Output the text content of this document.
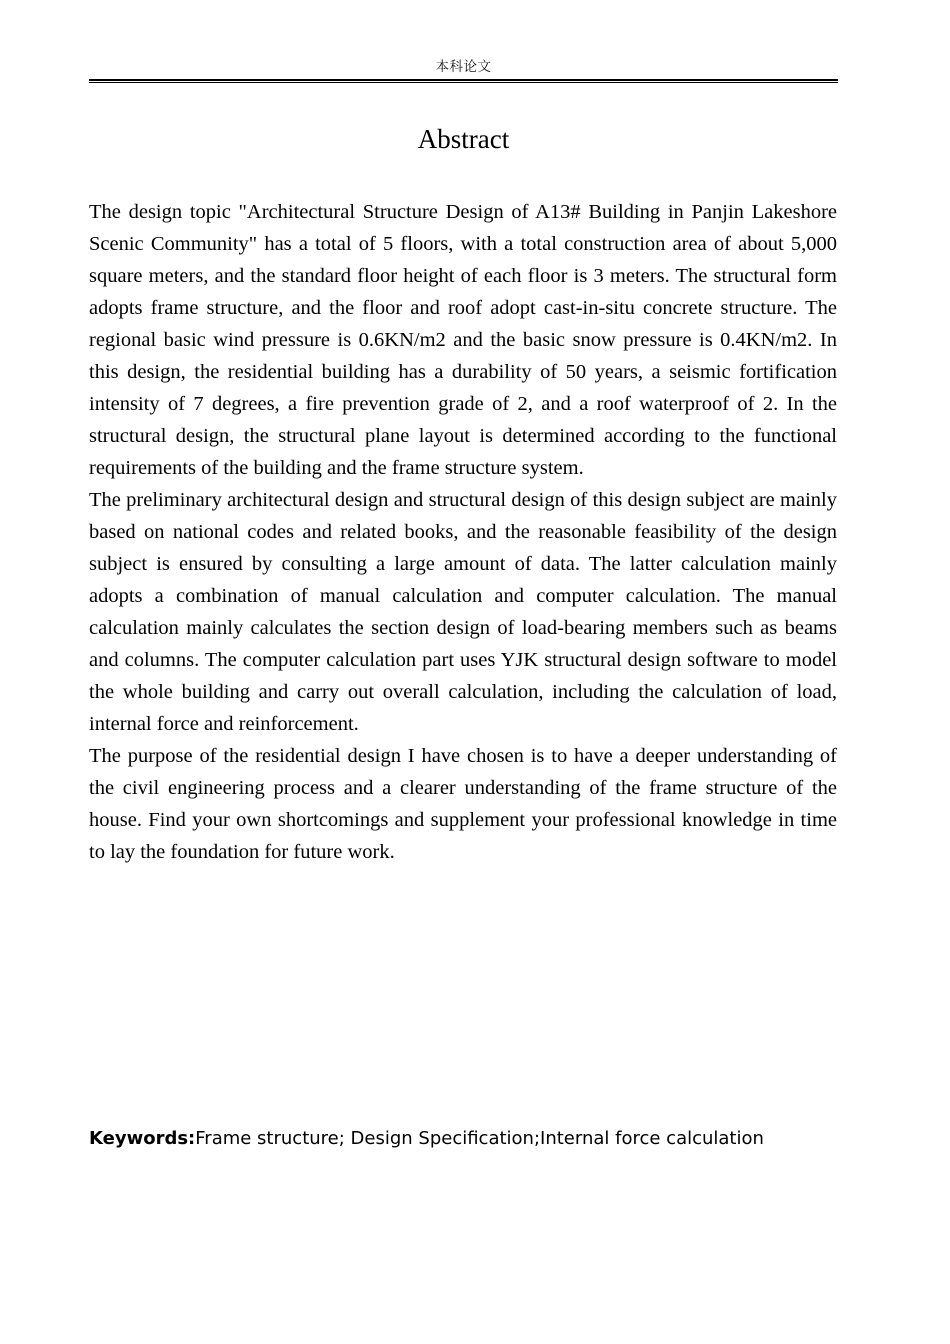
本科论文
Abstract

The design topic "Architectural Structure Design of A13# Building in Panjin Lakeshore Scenic Community" has a total of 5 floors, with a total construction area of about 5,000 square meters, and the standard floor height of each floor is 3 meters. The structural form adopts frame structure, and the floor and roof adopt cast-in-situ concrete structure. The regional basic wind pressure is 0.6KN/m2 and the basic snow pressure is 0.4KN/m2. In this design, the residential building has a durability of 50 years, a seismic fortification intensity of 7 degrees, a fire prevention grade of 2, and a roof waterproof of 2. In the structural design, the structural plane layout is determined according to the functional requirements of the building and the frame structure system.

The preliminary architectural design and structural design of this design subject are mainly based on national codes and related books, and the reasonable feasibility of the design subject is ensured by consulting a large amount of data. The latter calculation mainly adopts a combination of manual calculation and computer calculation. The manual calculation mainly calculates the section design of load-bearing members such as beams and columns. The computer calculation part uses YJK structural design software to model the whole building and carry out overall calculation, including the calculation of load, internal force and reinforcement.

The purpose of the residential design I have chosen is to have a deeper understanding of the civil engineering process and a clearer understanding of the frame structure of the house. Find your own shortcomings and supplement your professional knowledge in time to lay the foundation for future work.

Keywords:Frame structure; Design Specification;Internal force calculation
